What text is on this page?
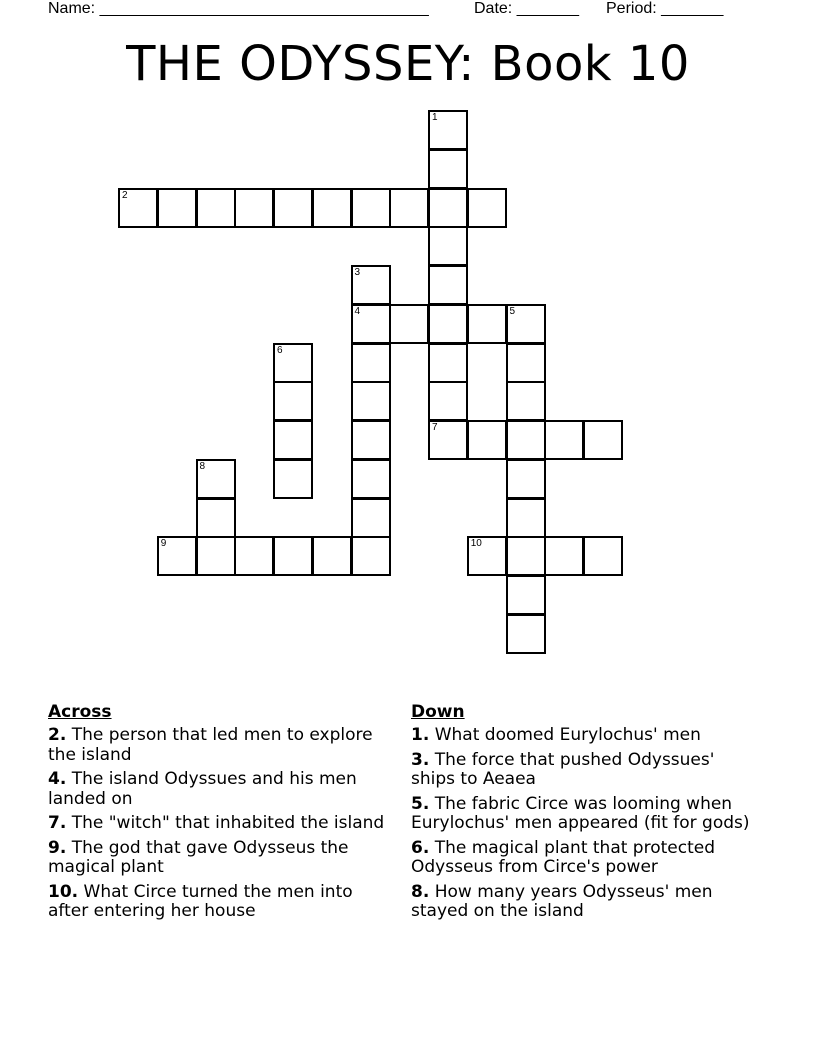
Name: _____________________________________	Date: _______ Period: _______
THE ODYSSEY: Book 10
1
7
2
3
4	5
6
8
9	10
Across
2. The person that led men to explore the island
4. The island Odyssues and his men landed on
7. The "witch" that inhabited the island
9. The god that gave Odysseus the magical plant
10. What Circe turned the men into after entering her house
Down
1. What doomed Eurylochus' men
3. The force that pushed Odyssues' ships to Aeaea
5. The fabric Circe was looming when Eurylochus' men appeared (fit for gods)
6. The magical plant that protected Odysseus from Circe's power
8. How many years Odysseus' men stayed on the island
